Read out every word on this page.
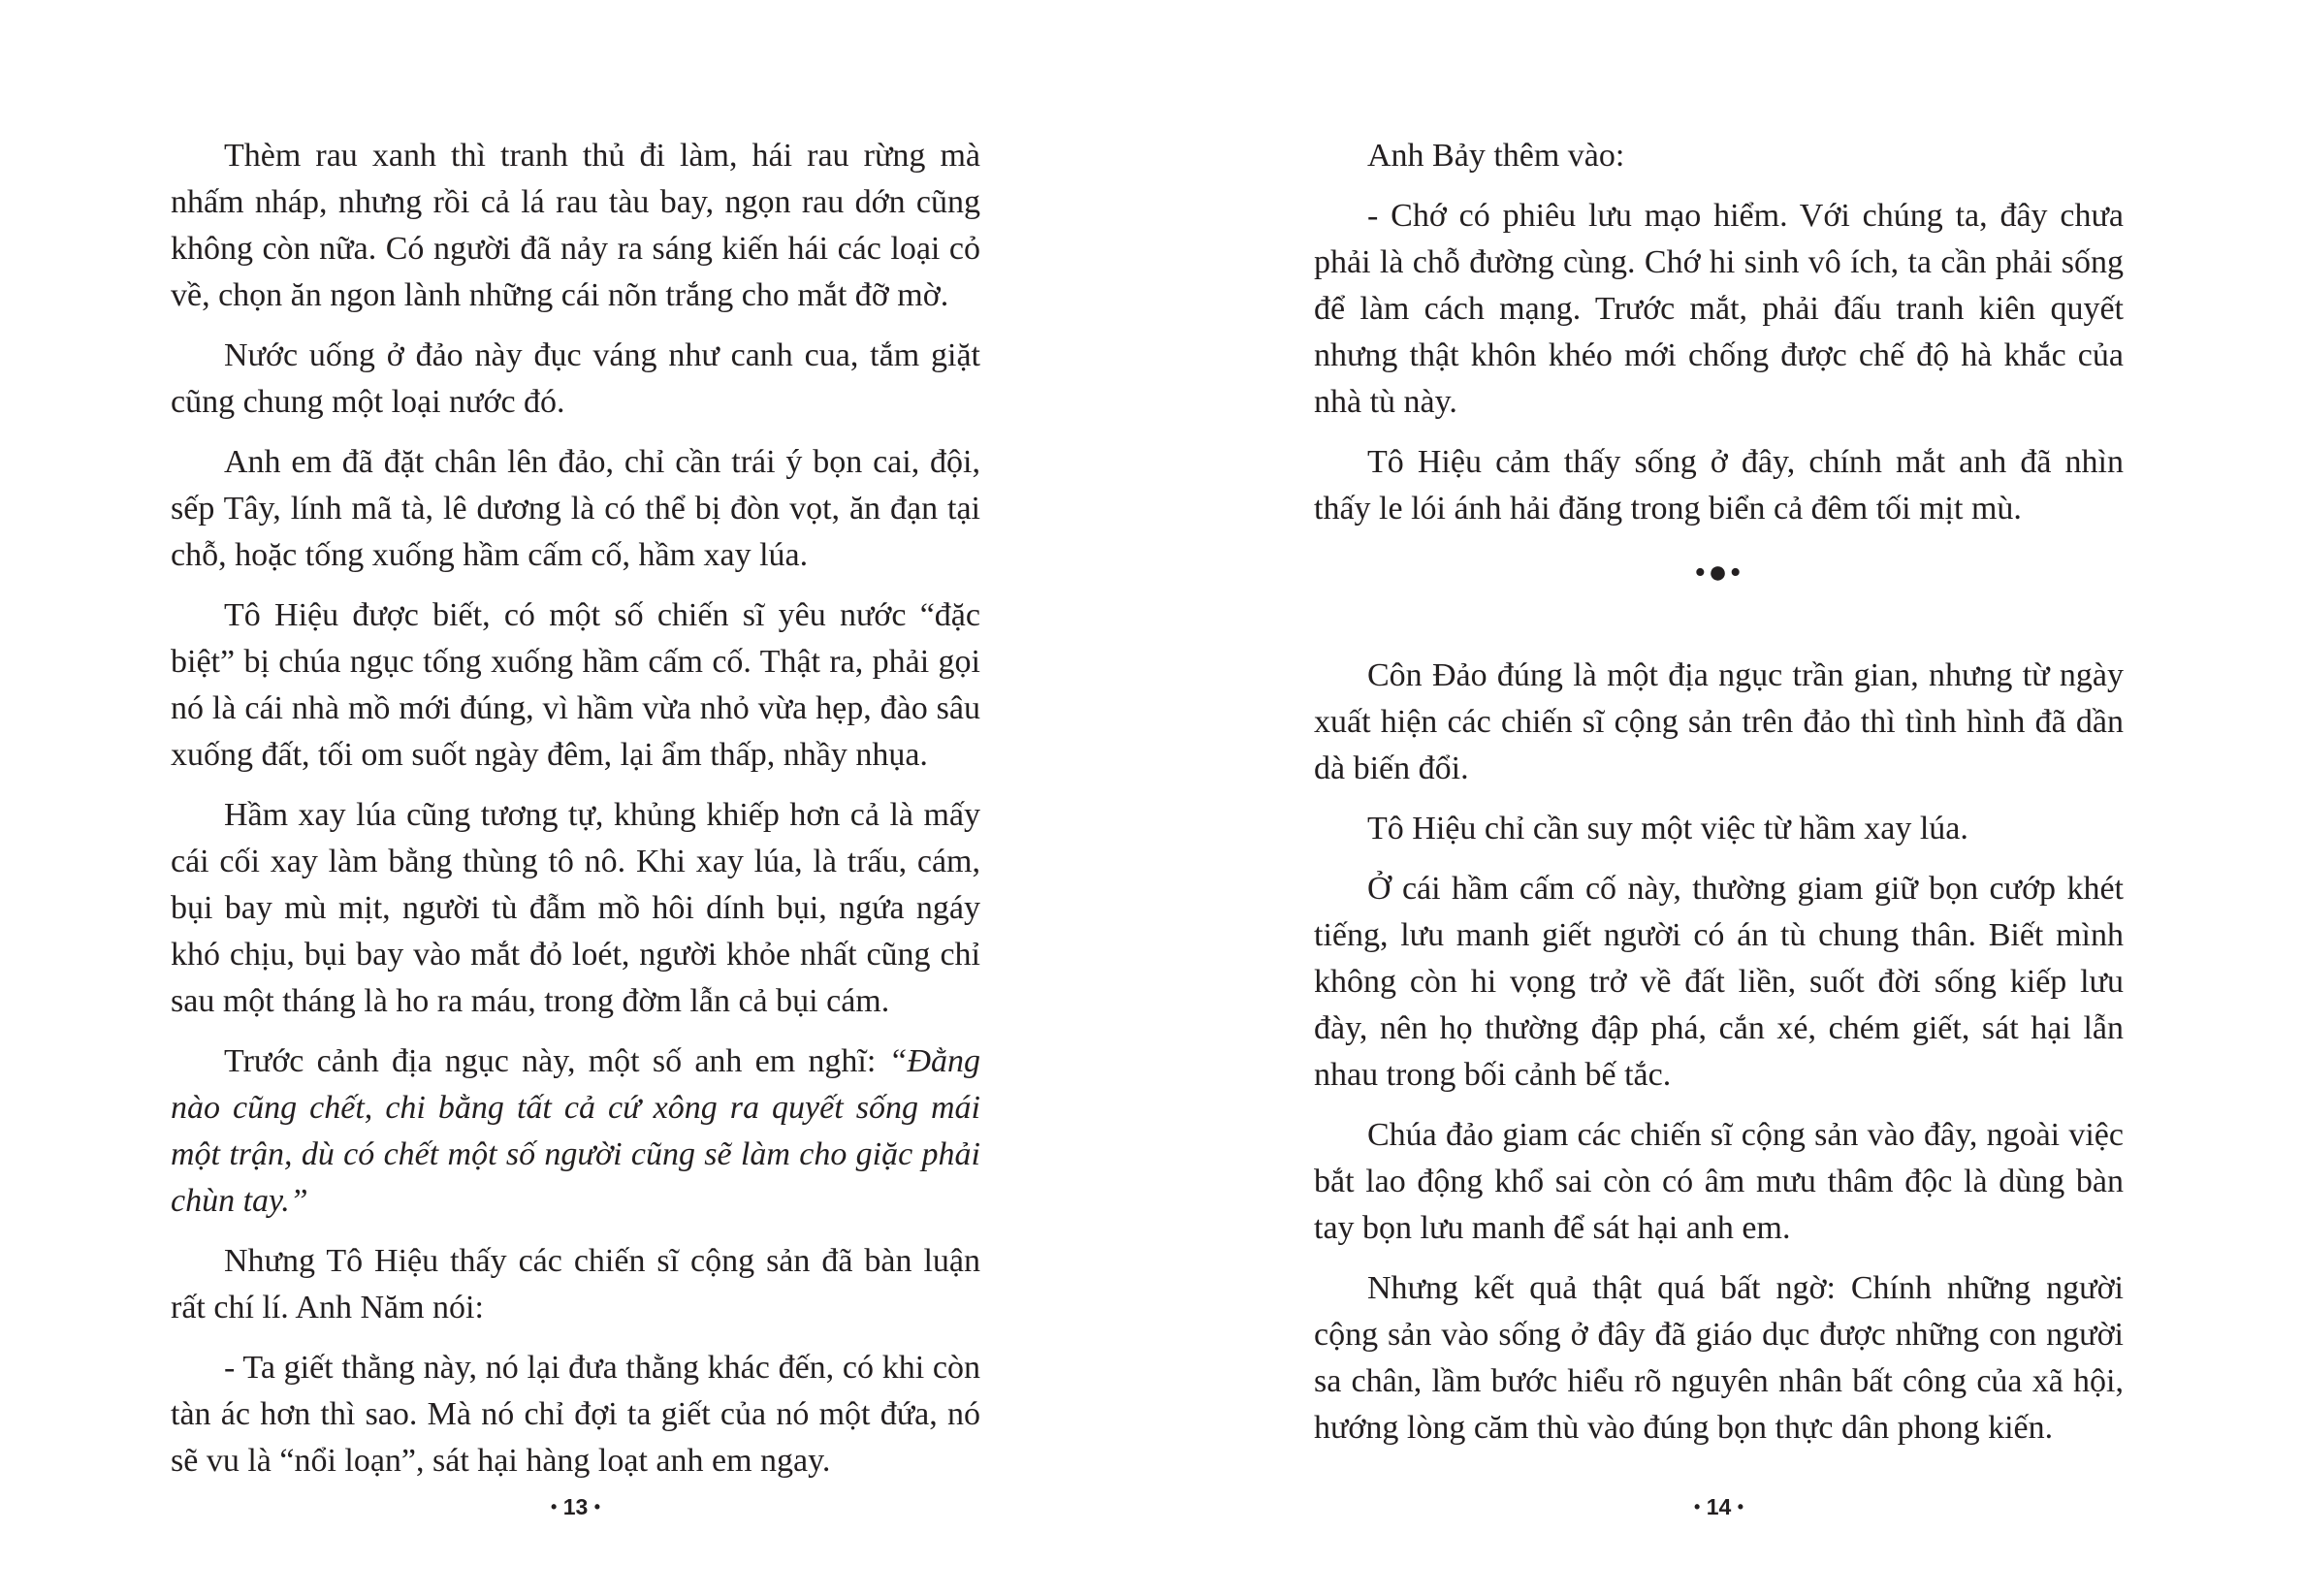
Thèm rau xanh thì tranh thủ đi làm, hái rau rừng mà nhấm nháp, nhưng rồi cả lá rau tàu bay, ngọn rau dớn cũng không còn nữa. Có người đã nảy ra sáng kiến hái các loại cỏ về, chọn ăn ngon lành những cái nõn trắng cho mắt đỡ mờ.

Nước uống ở đảo này đục váng như canh cua, tắm giặt cũng chung một loại nước đó.

Anh em đã đặt chân lên đảo, chỉ cần trái ý bọn cai, đội, sếp Tây, lính mã tà, lê dương là có thể bị đòn vọt, ăn đạn tại chỗ, hoặc tống xuống hầm cấm cố, hầm xay lúa.

Tô Hiệu được biết, có một số chiến sĩ yêu nước “đặc biệt” bị chúa ngục tống xuống hầm cấm cố. Thật ra, phải gọi nó là cái nhà mồ mới đúng, vì hầm vừa nhỏ vừa hẹp, đào sâu xuống đất, tối om suốt ngày đêm, lại ẩm thấp, nhầy nhụa.

Hầm xay lúa cũng tương tự, khủng khiếp hơn cả là mấy cái cối xay làm bằng thùng tô nô. Khi xay lúa, là trấu, cám, bụi bay mù mịt, người tù đẫm mồ hôi dính bụi, ngứa ngáy khó chịu, bụi bay vào mắt đỏ loét, người khỏe nhất cũng chỉ sau một tháng là ho ra máu, trong đờm lẫn cả bụi cám.

Trước cảnh địa ngục này, một số anh em nghĩ: “Đằng nào cũng chết, chi bằng tất cả cứ xông ra quyết sống mái một trận, dù có chết một số người cũng sẽ làm cho giặc phải chùn tay.”

Nhưng Tô Hiệu thấy các chiến sĩ cộng sản đã bàn luận rất chí lí. Anh Năm nói:

- Ta giết thằng này, nó lại đưa thằng khác đến, có khi còn tàn ác hơn thì sao. Mà nó chỉ đợi ta giết của nó một đứa, nó sẽ vu là “nổi loạn”, sát hại hàng loạt anh em ngay.

• 13 •

Anh Bảy thêm vào:

- Chớ có phiêu lưu mạo hiểm. Với chúng ta, đây chưa phải là chỗ đường cùng. Chớ hi sinh vô ích, ta cần phải sống để làm cách mạng. Trước mắt, phải đấu tranh kiên quyết nhưng thật khôn khéo mới chống được chế độ hà khắc của nhà tù này.

Tô Hiệu cảm thấy sống ở đây, chính mắt anh đã nhìn thấy le lói ánh hải đăng trong biển cả đêm tối mịt mù.

•●•

Côn Đảo đúng là một địa ngục trần gian, nhưng từ ngày xuất hiện các chiến sĩ cộng sản trên đảo thì tình hình đã dần dà biến đổi.

Tô Hiệu chỉ cần suy một việc từ hầm xay lúa.

Ở cái hầm cấm cố này, thường giam giữ bọn cướp khét tiếng, lưu manh giết người có án tù chung thân. Biết mình không còn hi vọng trở về đất liền, suốt đời sống kiếp lưu đày, nên họ thường đập phá, cắn xé, chém giết, sát hại lẫn nhau trong bối cảnh bế tắc.

Chúa đảo giam các chiến sĩ cộng sản vào đây, ngoài việc bắt lao động khổ sai còn có âm mưu thâm độc là dùng bàn tay bọn lưu manh để sát hại anh em.

Nhưng kết quả thật quá bất ngờ: Chính những người cộng sản vào sống ở đây đã giáo dục được những con người sa chân, lầm bước hiểu rõ nguyên nhân bất công của xã hội, hướng lòng căm thù vào đúng bọn thực dân phong kiến.

• 14 •
